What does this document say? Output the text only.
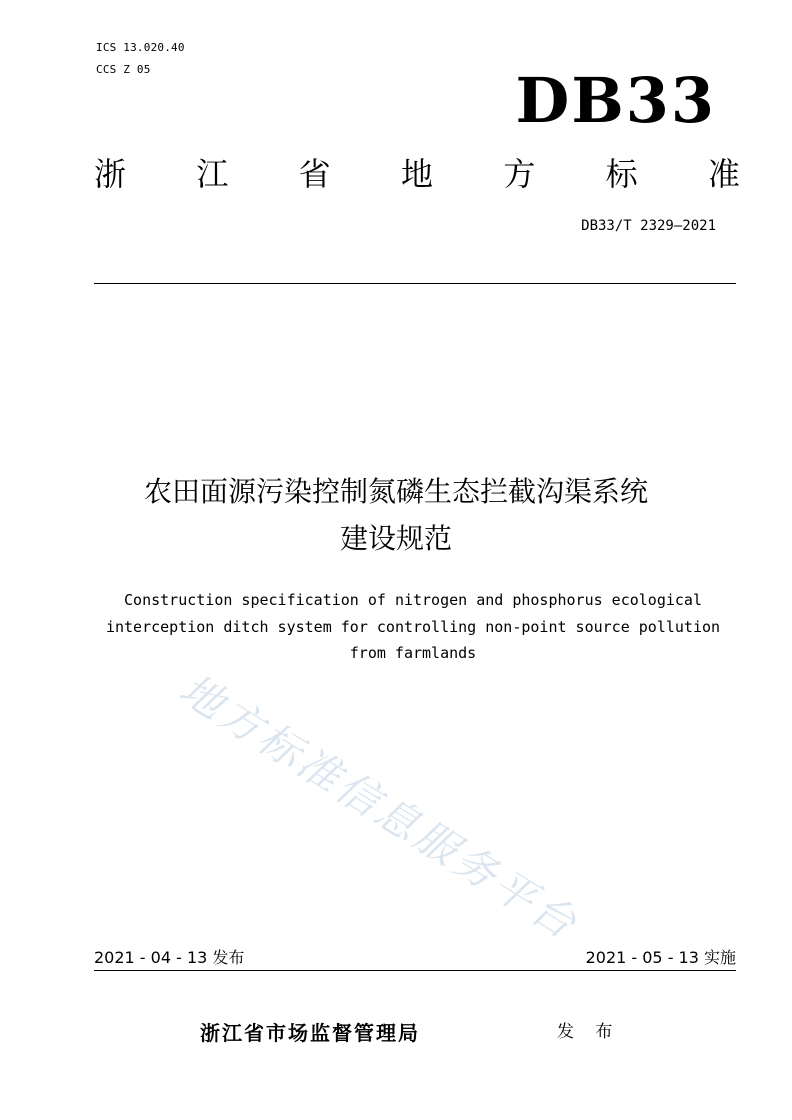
ICS 13.020.40
CCS Z 05	DB33
浙 江 省 地 方 标 准
DB33/T 2329—2021
农田面源污染控制氮磷生态拦截沟渠系统
建设规范
Construction specification of nitrogen and phosphorus ecological
interception ditch system for controlling non-point source pollution
from farmlands
地方标准信息服务平台
2021 - 04 - 13 发布	2021 - 05 - 13 实施
浙江省市场监督管理局	发 布
